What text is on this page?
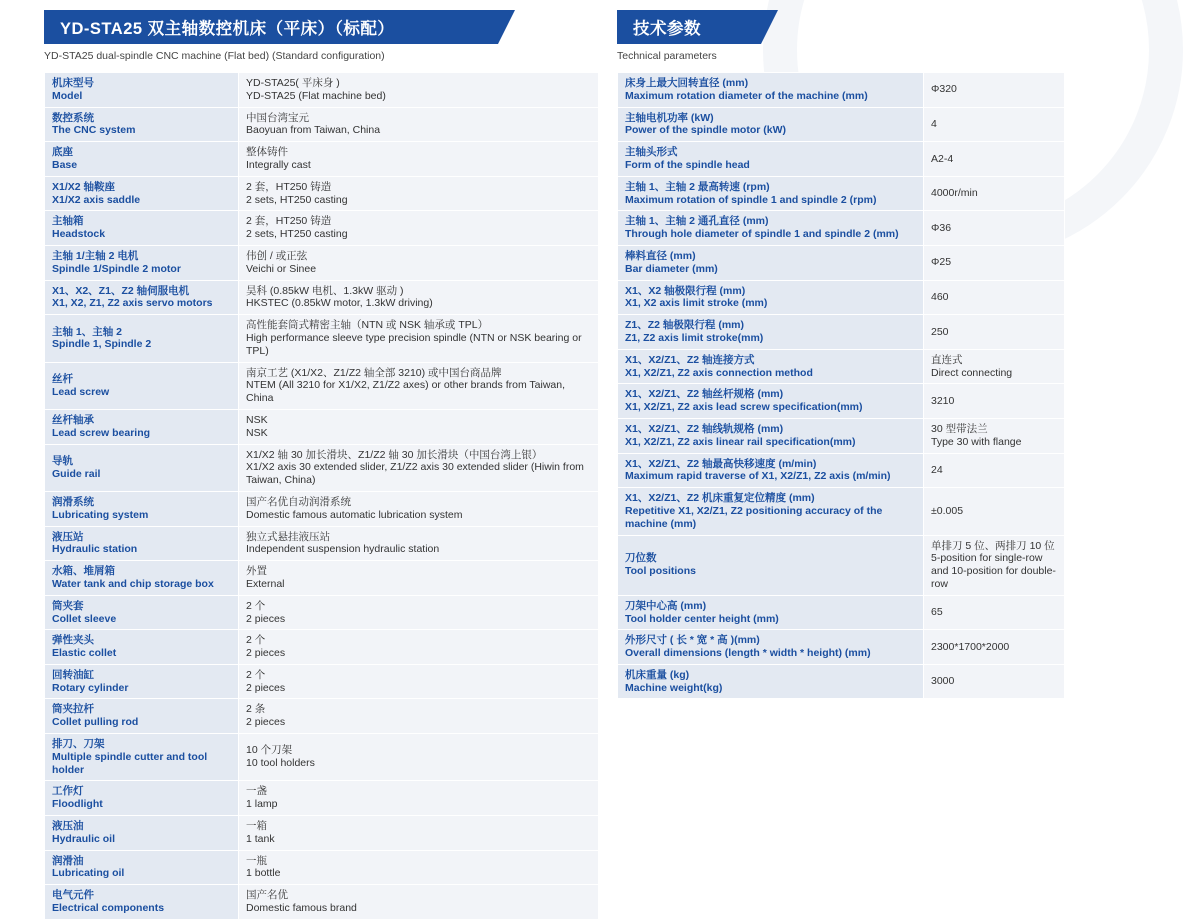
YD-STA25 双主轴数控机床（平床）（标配）
YD-STA25 dual-spindle CNC machine (Flat bed) (Standard configuration)
机床型号
Model	YD-STA25( 平床身 )
YD-STA25 (Flat machine bed)

数控系统
The CNC system	中国台湾宝元
Baoyuan from Taiwan, China

底座
Base	整体铸件
Integrally cast

X1/X2 轴鞍座
X1/X2 axis saddle	2 套，HT250 铸造
2 sets, HT250 casting

主轴箱
Headstock	2 套，HT250 铸造
2 sets, HT250 casting

主轴 1/主轴 2 电机
Spindle 1/Spindle 2 motor	伟创 / 或正弦
Veichi or Sinee

X1、X2、Z1、Z2 轴伺服电机
X1, X2, Z1, Z2 axis servo motors	昊科 (0.85kW 电机、1.3kW 驱动 )
HKSTEC (0.85kW motor, 1.3kW driving)

主轴 1、主轴 2
Spindle 1, Spindle 2	高性能套筒式精密主轴（NTN 或 NSK 轴承或 TPL）
High performance sleeve type precision spindle (NTN or NSK bearing or TPL)

丝杆
Lead screw	南京工艺 (X1/X2、Z1/Z2 轴全部 3210) 或中国台商品牌
NTEM (All 3210 for X1/X2, Z1/Z2 axes) or other brands from Taiwan, China

丝杆轴承
Lead screw bearing	NSK
NSK

导轨
Guide rail	X1/X2 轴 30 加长滑块、Z1/Z2 轴 30 加长滑块（中国台湾上银）
X1/X2 axis 30 extended slider, Z1/Z2 axis 30 extended slider (Hiwin from Taiwan, China)

润滑系统
Lubricating system	国产名优自动润滑系统
Domestic famous automatic lubrication system

液压站
Hydraulic station	独立式悬挂液压站
Independent suspension hydraulic station

水箱、堆屑箱
Water tank and chip storage box	外置
External

筒夹套
Collet sleeve	2 个
2 pieces

弹性夹头
Elastic collet	2 个
2 pieces

回转油缸
Rotary cylinder	2 个
2 pieces

筒夹拉杆
Collet pulling rod	2 条
2 pieces

排刀、刀架
Multiple spindle cutter and tool holder	10 个刀架
10 tool holders

工作灯
Floodlight	一盏
1 lamp

液压油
Hydraulic oil	一箱
1 tank

润滑油
Lubricating oil	一瓶
1 bottle

电气元件
Electrical components	国产名优
Domestic famous brand
技术参数
Technical parameters
床身上最大回转直径 (mm)
Maximum rotation diameter of the machine (mm)	Φ320

主轴电机功率 (kW)
Power of the spindle motor (kW)	4

主轴头形式
Form of the spindle head	A2-4

主轴 1、主轴 2 最高转速 (rpm)
Maximum rotation of spindle 1 and spindle 2 (rpm)	4000r/min

主轴 1、主轴 2 通孔直径 (mm)
Through hole diameter of spindle 1 and spindle 2 (mm)	Φ36

棒料直径 (mm)
Bar diameter (mm)	Φ25

X1、X2 轴极限行程 (mm)
X1, X2 axis limit stroke (mm)	460

Z1、Z2 轴极限行程 (mm)
Z1, Z2 axis limit stroke(mm)	250

X1、X2/Z1、Z2 轴连接方式
X1, X2/Z1, Z2 axis connection method	直连式
Direct connecting

X1、X2/Z1、Z2 轴丝杆规格 (mm)
X1, X2/Z1, Z2 axis lead screw specification(mm)	3210

X1、X2/Z1、Z2 轴线轨规格 (mm)
X1, X2/Z1, Z2 axis linear rail specification(mm)	30 型带法兰
Type 30 with flange

X1、X2/Z1、Z2 轴最高快移速度 (m/min)
Maximum rapid traverse of X1, X2/Z1, Z2 axis (m/min)	24

X1、X2/Z1、Z2 机床重复定位精度 (mm)
Repetitive X1, X2/Z1, Z2 positioning accuracy of the machine (mm)	±0.005

刀位数
Tool positions	单排刀 5 位、两排刀 10 位
5-position for single-row and 10-position for double-row

刀架中心高 (mm)
Tool holder center height (mm)	65

外形尺寸 ( 长 * 宽 * 高 )(mm)
Overall dimensions (length * width * height) (mm)	2300*1700*2000

机床重量 (kg)
Machine weight(kg)	3000
